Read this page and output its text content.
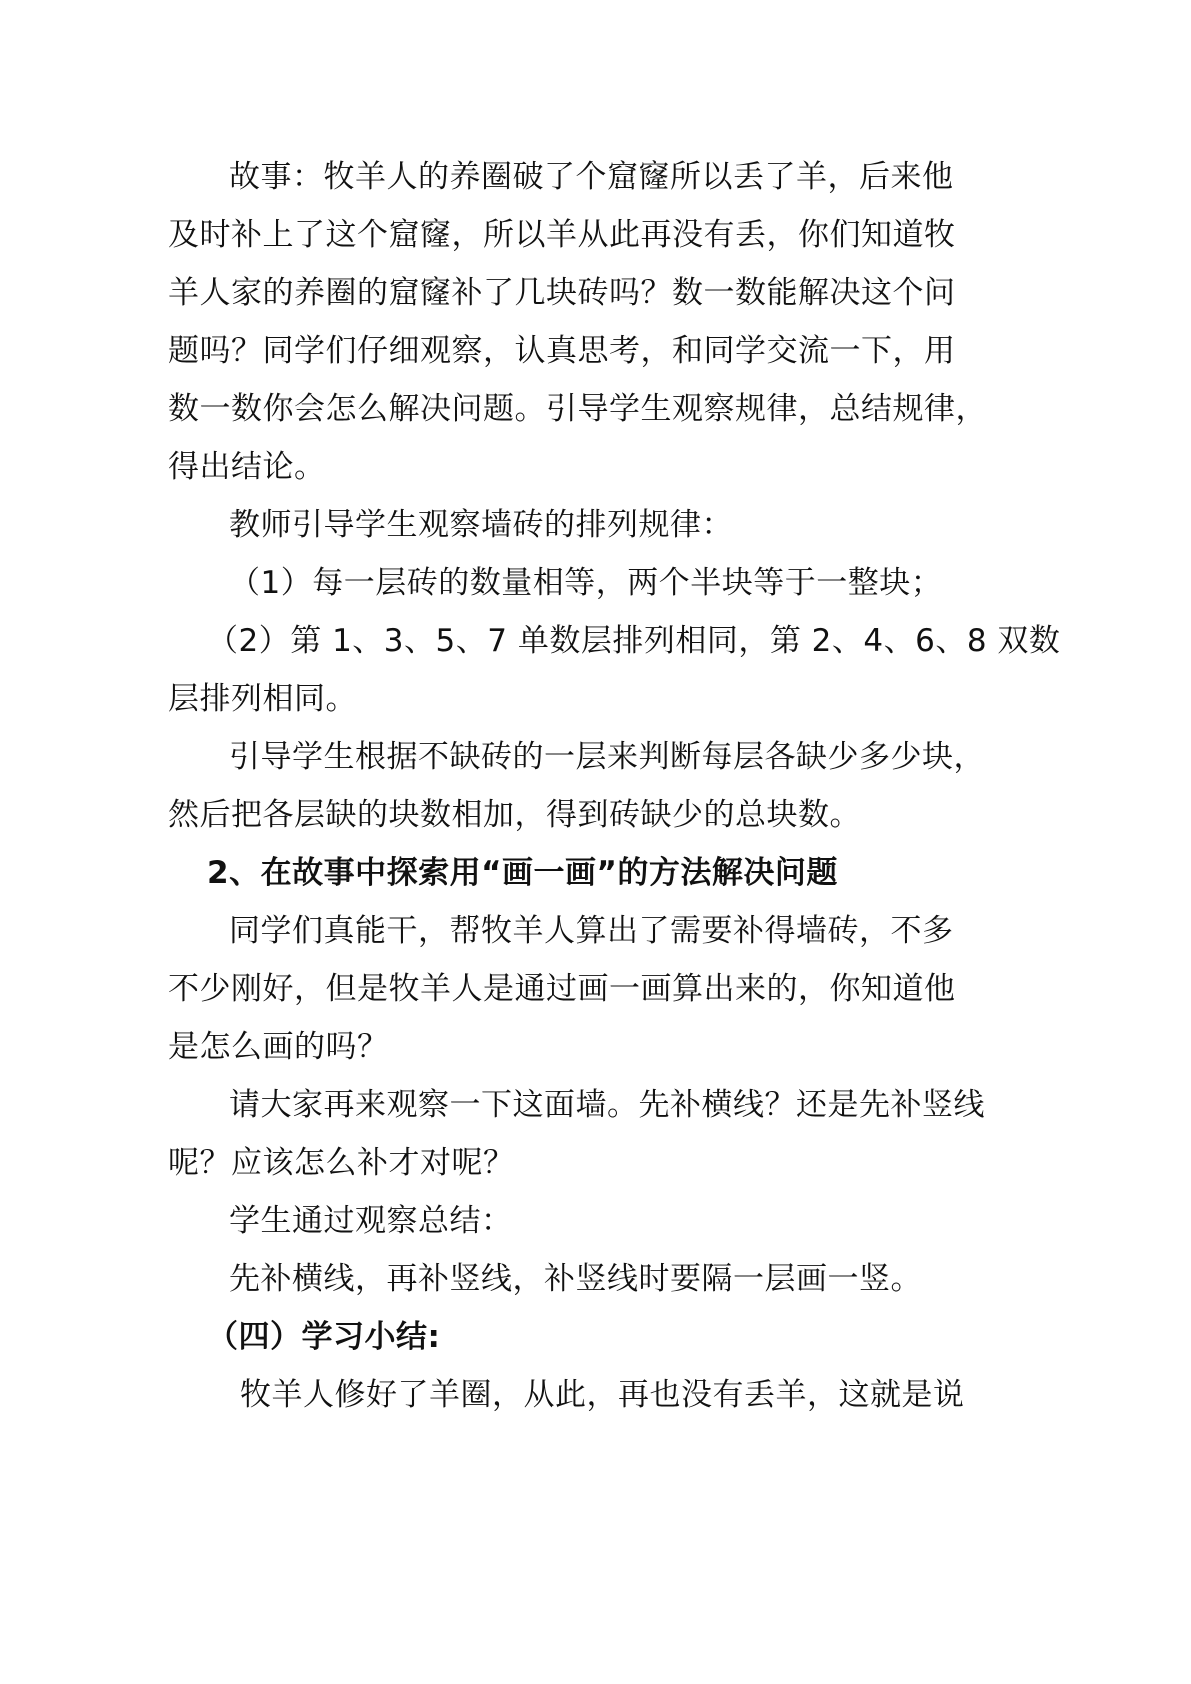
故事：牧羊人的养圈破了个窟窿所以丢了羊，后来他
及时补上了这个窟窿，所以羊从此再没有丢，你们知道牧
羊人家的养圈的窟窿补了几块砖吗？数一数能解决这个问
题吗？同学们仔细观察，认真思考，和同学交流一下，用
数一数你会怎么解决问题。引导学生观察规律，总结规律，
得出结论。
教师引导学生观察墙砖的排列规律：
（1）每一层砖的数量相等，两个半块等于一整块；
（2）第 1、3、5、7 单数层排列相同，第 2、4、6、8 双数
层排列相同。
引导学生根据不缺砖的一层来判断每层各缺少多少块，
然后把各层缺的块数相加，得到砖缺少的总块数。
2、在故事中探索用“画一画”的方法解决问题
同学们真能干，帮牧羊人算出了需要补得墙砖，不多
不少刚好，但是牧羊人是通过画一画算出来的，你知道他
是怎么画的吗？
请大家再来观察一下这面墙。先补横线？还是先补竖线
呢？应该怎么补才对呢？
学生通过观察总结：
先补横线，再补竖线，补竖线时要隔一层画一竖。
（四）学习小结:
牧羊人修好了羊圈，从此，再也没有丢羊，这就是说
